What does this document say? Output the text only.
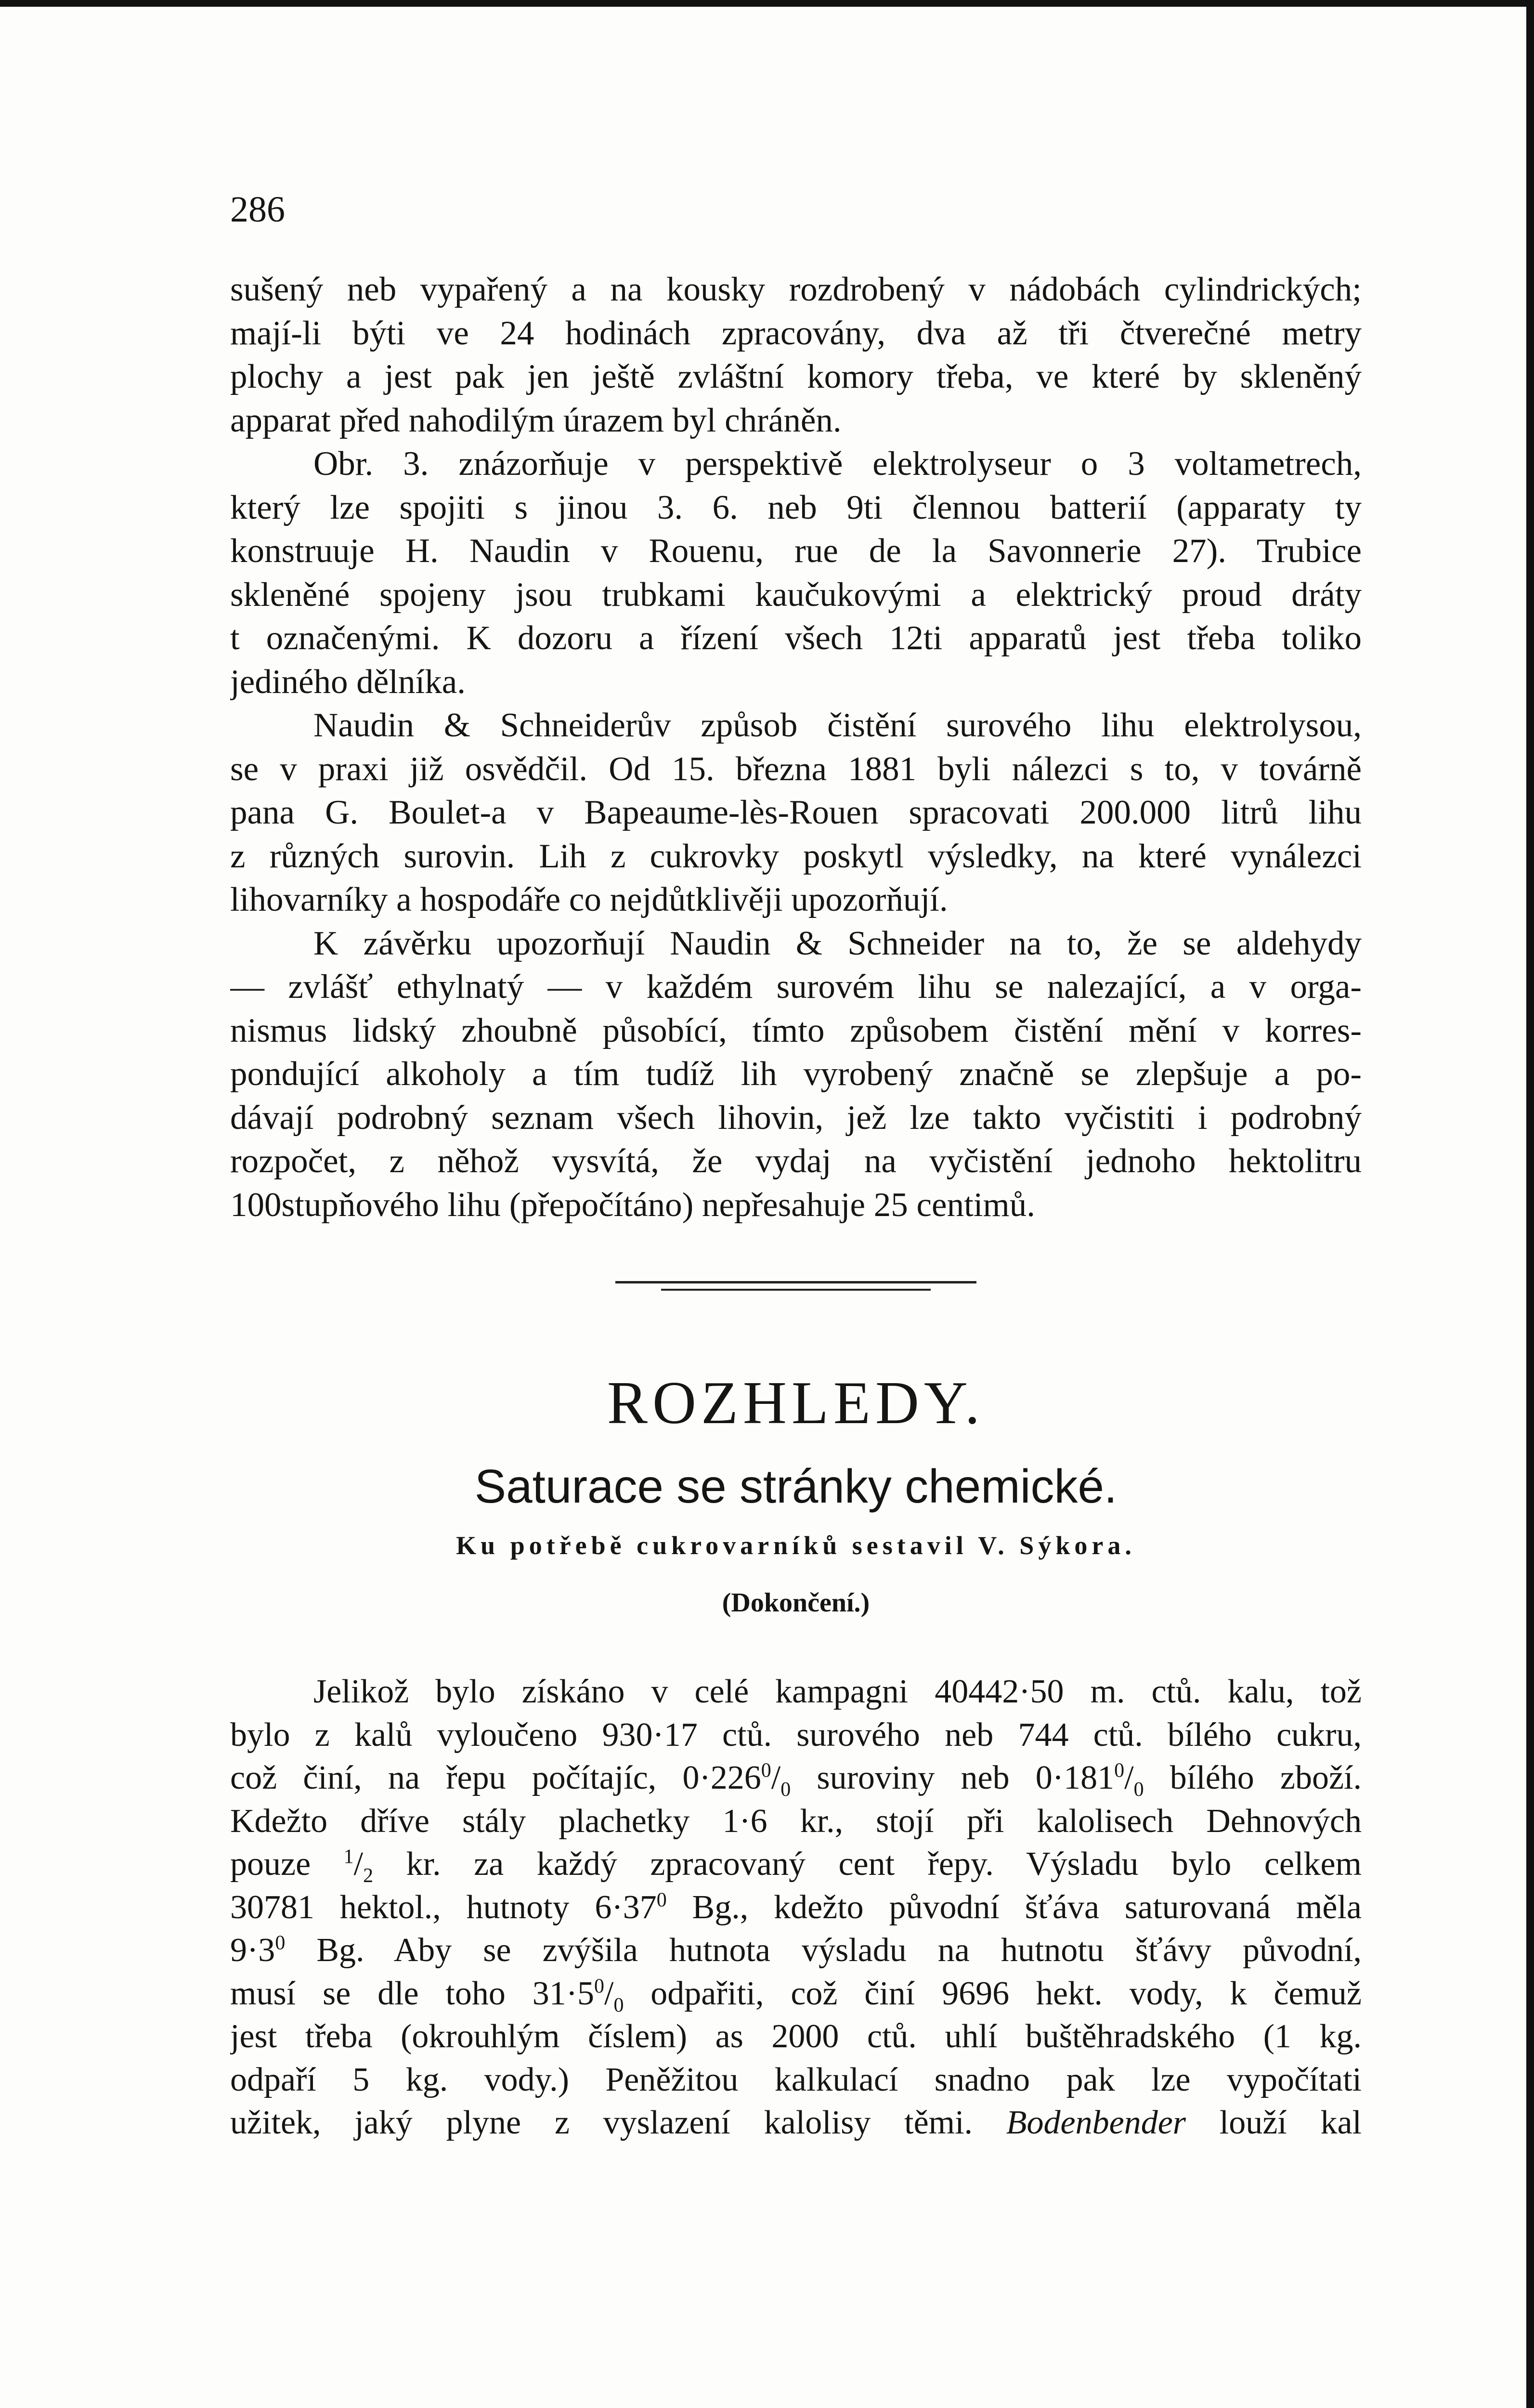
286

sušený neb vypařený a na kousky rozdrobený v nádobách cylindrických;
mají-li býti ve 24 hodinách zpracovány, dva až tři čtverečné metry
plochy a jest pak jen ještě zvláštní komory třeba, ve které by skleněný
apparat před nahodilým úrazem byl chráněn.

Obr. 3. znázorňuje v perspektivě elektrolyseur o 3 voltametrech,
který lze spojiti s jinou 3. 6. neb 9ti člennou batterií (apparaty ty
konstruuje H. Naudin v Rouenu, rue de la Savonnerie 27). Trubice
skleněné spojeny jsou trubkami kaučukovými a elektrický proud dráty
t označenými. K dozoru a řízení všech 12ti apparatů jest třeba toliko
jediného dělníka.

Naudin & Schneiderův způsob čistění surového lihu elektrolysou,
se v praxi již osvědčil. Od 15. března 1881 byli nálezci s to, v továrně
pana G. Boulet-a v Bapeaume-lès-Rouen spracovati 200.000 litrů lihu
z různých surovin. Lih z cukrovky poskytl výsledky, na které vynálezci
lihovarníky a hospodáře co nejdůtklivěji upozorňují.

K závěrku upozorňují Naudin & Schneider na to, že se aldehydy
— zvlášť ethylnatý — v každém surovém lihu se nalezající, a v orga-
nismus lidský zhoubně působící, tímto způsobem čistění mění v korres-
pondující alkoholy a tím tudíž lih vyrobený značně se zlepšuje a po-
dávají podrobný seznam všech lihovin, jež lze takto vyčistiti i podrobný
rozpočet, z něhož vysvítá, že vydaj na vyčistění jednoho hektolitru
100stupňového lihu (přepočítáno) nepřesahuje 25 centimů.

ROZHLEDY.
Saturace se stránky chemické.
Ku potřebě cukrovarníků sestavil V. Sýkora.
(Dokončení.)

Jelikož bylo získáno v celé kampagni 40442·50 m. ctů. kalu, tož
bylo z kalů vyloučeno 930·17 ctů. surového neb 744 ctů. bílého cukru,
což činí, na řepu počítajíc, $0\cdot 226^0/_0$ suroviny neb $0\cdot 181^0/_0$ bílého zboží.
Kdežto dříve stály plachetky 1·6 kr., stojí při kalolisech Dehnových
pouze $^1/_2$ kr. za každý zpracovaný cent řepy. Výsladu bylo celkem
30781 hektol., hutnoty $6\cdot 37^0$ Bg., kdežto původní šťáva saturovaná měla
$9\cdot 3^0$ Bg. Aby se zvýšila hutnota výsladu na hutnotu šťávy původní,
musí se dle toho $31\cdot 5^0/_0$ odpařiti, což činí 9696 hekt. vody, k čemuž
jest třeba (okrouhlým číslem) as 2000 ctů. uhlí buštěhradského (1 kg.
odpaří 5 kg. vody.) Peněžitou kalkulací snadno pak lze vypočítati
užitek, jaký plyne z vyslazení kalolisy těmi. Bodenbender louží kal
